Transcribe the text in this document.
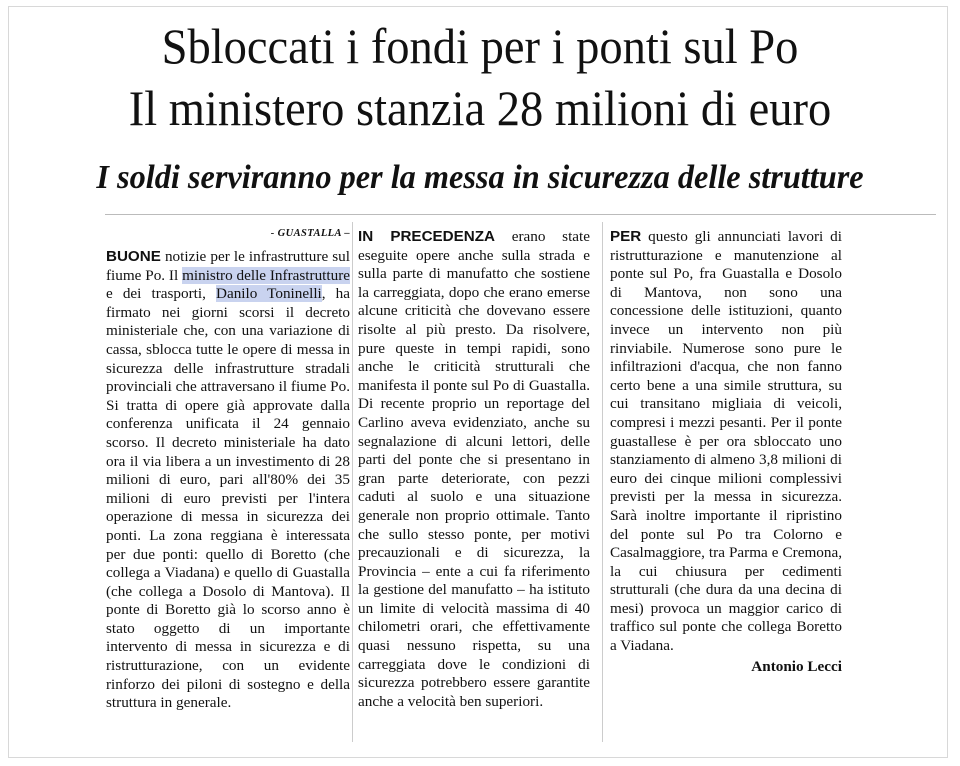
Sbloccati i fondi per i ponti sul Po
Il ministero stanzia 28 milioni di euro
I soldi serviranno per la messa in sicurezza delle strutture
- GUASTALLA –

BUONE notizie per le infrastrutture sul fiume Po. Il ministro delle Infrastrutture e dei trasporti, Danilo Toninelli, ha firmato nei giorni scorsi il decreto ministeriale che, con una variazione di cassa, sblocca tutte le opere di messa in sicurezza delle infrastrutture stradali provinciali che attraversano il fiume Po. Si tratta di opere già approvate dalla conferenza unificata il 24 gennaio scorso. Il decreto ministeriale ha dato ora il via libera a un investimento di 28 milioni di euro, pari all'80% dei 35 milioni di euro previsti per l'intera operazione di messa in sicurezza dei ponti. La zona reggiana è interessata per due ponti: quello di Boretto (che collega a Viadana) e quello di Guastalla (che collega a Dosolo di Mantova). Il ponte di Boretto già lo scorso anno è stato oggetto di un importante intervento di messa in sicurezza e di ristrutturazione, con un evidente rinforzo dei piloni di sostegno e della struttura in generale.

IN PRECEDENZA erano state eseguite opere anche sulla strada e sulla parte di manufatto che sostiene la carreggiata, dopo che erano emerse alcune criticità che dovevano essere risolte al più presto. Da risolvere, pure queste in tempi rapidi, sono anche le criticità strutturali che manifesta il ponte sul Po di Guastalla. Di recente proprio un reportage del Carlino aveva evidenziato, anche su segnalazione di alcuni lettori, delle parti del ponte che si presentano in gran parte deteriorate, con pezzi caduti al suolo e una situazione generale non proprio ottimale. Tanto che sullo stesso ponte, per motivi precauzionali e di sicurezza, la Provincia – ente a cui fa riferimento la gestione del manufatto – ha istituto un limite di velocità massima di 40 chilometri orari, che effettivamente quasi nessuno rispetta, su una carreggiata dove le condizioni di sicurezza potrebbero essere garantite anche a velocità ben superiori.

PER questo gli annunciati lavori di ristrutturazione e manutenzione al ponte sul Po, fra Guastalla e Dosolo di Mantova, non sono una concessione delle istituzioni, quanto invece un intervento non più rinviabile. Numerose sono pure le infiltrazioni d'acqua, che non fanno certo bene a una simile struttura, su cui transitano migliaia di veicoli, compresi i mezzi pesanti. Per il ponte guastallese è per ora sbloccato uno stanziamento di almeno 3,8 milioni di euro dei cinque milioni complessivi previsti per la messa in sicurezza. Sarà inoltre importante il ripristino del ponte sul Po tra Colorno e Casalmaggiore, tra Parma e Cremona, la cui chiusura per cedimenti strutturali (che dura da una decina di mesi) provoca un maggior carico di traffico sul ponte che collega Boretto a Viadana.

Antonio Lecci
